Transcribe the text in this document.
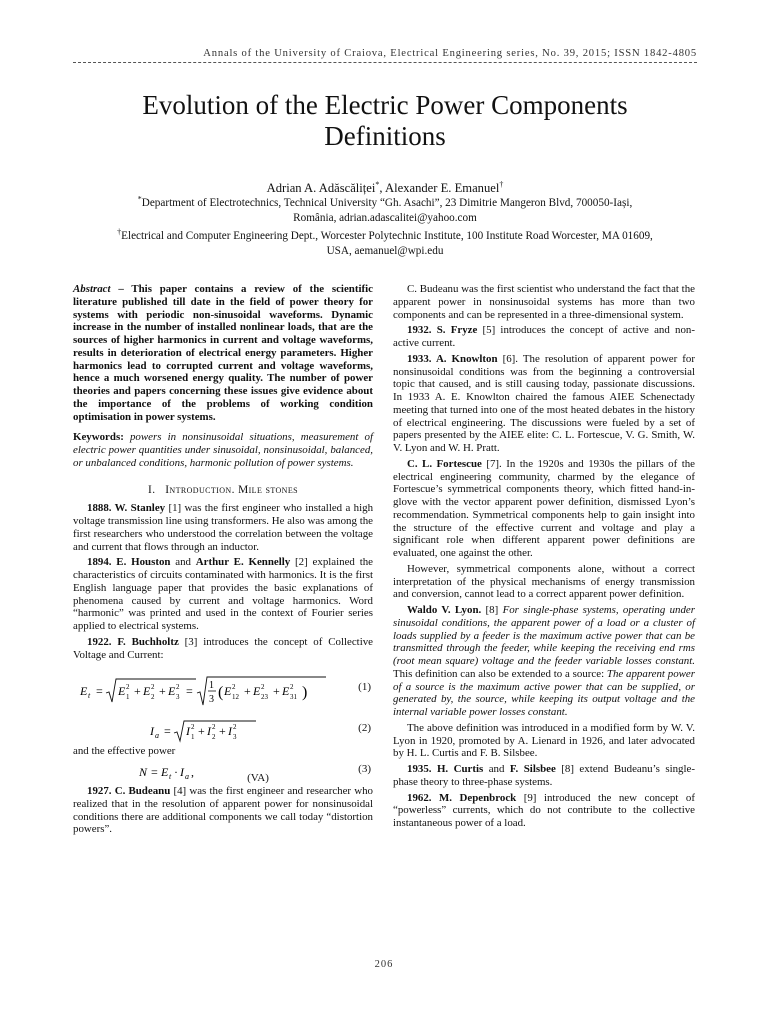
Annals of the University of Craiova, Electrical Engineering series, No. 39, 2015; ISSN 1842-4805
Evolution of the Electric Power Components
Definitions
Adrian A. Adăscăliței*, Alexander E. Emanuel†
*Department of Electrotechnics, Technical University “Gh. Asachi”, 23 Dimitrie Mangeron Blvd, 700050-Iași,
România, adrian.adascalitei@yahoo.com
†Electrical and Computer Engineering Dept., Worcester Polytechnic Institute, 100 Institute Road Worcester, MA 01609,
USA, aemanuel@wpi.edu

Abstract – This paper contains a review of the scientific literature published till date in the field of power theory for systems with periodic non-sinusoidal waveforms. Dynamic increase in the number of installed nonlinear loads, that are the sources of higher harmonics in current and voltage waveforms, results in deterioration of electrical energy parameters. Higher harmonics lead to corrupted current and voltage waveforms, hence a much worsened energy quality. The number of power theories and papers concerning these issues give evidence about the importance of the problems of working condition optimisation in power systems.

Keywords: powers in nonsinusoidal situations, measurement of electric power quantities under sinusoidal, nonsinusoidal, balanced, or unbalanced conditions, harmonic pollution of power systems.

I. Introduction. Mile stones

1888. W. Stanley [1] was the first engineer who installed a high voltage transmission line using transformers. He also was among the first researchers who understood the correlation between the voltage and current that flows through an inductor.

1894. E. Houston and Arthur E. Kennelly [2] explained the characteristics of circuits contaminated with harmonics. It is the first English language paper that provides the basic explanations of phenomena caused by current and voltage harmonics. Word “harmonic” was printed and used in the context of Fourier series applied to electrical systems.

1922. F. Buchholtz [3] introduces the concept of Collective Voltage and Current:

E t = E 2
1 + E 2
2 + E 2
3 = 1
3 ( E 2
12 + E 2
23 + E 2
31 )	(1)
I a = I 2
1 + I 2
2 + I 2
3
(2)

and the effective power

N = E t · I a ,	(VA)
(3)

1927. C. Budeanu [4] was the first engineer and researcher who realized that in the resolution of apparent power for nonsinusoidal conditions there are additional components we call today “distortion powers”.

C. Budeanu was the first scientist who understand the fact that the apparent power in nonsinusoidal systems has more than two components and can be represented in a three-dimensional system.

1932. S. Fryze [5] introduces the concept of active and non-active current.

1933. A. Knowlton [6]. The resolution of apparent power for nonsinusoidal conditions was from the beginning a controversial topic that caused, and is still causing today, passionate discussions. In 1933 A. E. Knowlton chaired the famous AIEE Schenectady meeting that turned into one of the most heated debates in the history of electrical engineering. The discussions were fueled by a set of papers presented by the AIEE elite: C. L. Fortescue, V. G. Smith, W. V. Lyon and W. H. Pratt.

C. L. Fortescue [7]. In the 1920s and 1930s the pillars of the electrical engineering community, charmed by the elegance of Fortescue’s symmetrical components theory, which fitted hand-in-glove with the vector apparent power definition, dismissed Lyon’s recommendation. Symmetrical components help to gain insight into the structure of the effective current and voltage and play a significant role when different apparent power definitions are evaluated, one against the other.

However, symmetrical components alone, without a correct interpretation of the physical mechanisms of energy transmission and conversion, cannot lead to a correct apparent power definition.

Waldo V. Lyon. [8] For single-phase systems, operating under sinusoidal conditions, the apparent power of a load or a cluster of loads supplied by a feeder is the maximum active power that can be transmitted through the feeder, while keeping the receiving end rms (root mean square) voltage and the feeder variable losses constant. This definition can also be extended to a source: The apparent power of a source is the maximum active power that can be supplied, or generated by, the source, while keeping its output voltage and the internal variable power losses constant.

The above definition was introduced in a modified form by W. V. Lyon in 1920, promoted by A. Lienard in 1926, and later advocated by H. L. Curtis and F. B. Silsbee.

1935. H. Curtis and F. Silsbee [8] extend Budeanu’s single-phase theory to three-phase systems.

1962. M. Depenbrock [9] introduced the new concept of “powerless” currents, which do not contribute to the collective instantaneous power of a load.

206
